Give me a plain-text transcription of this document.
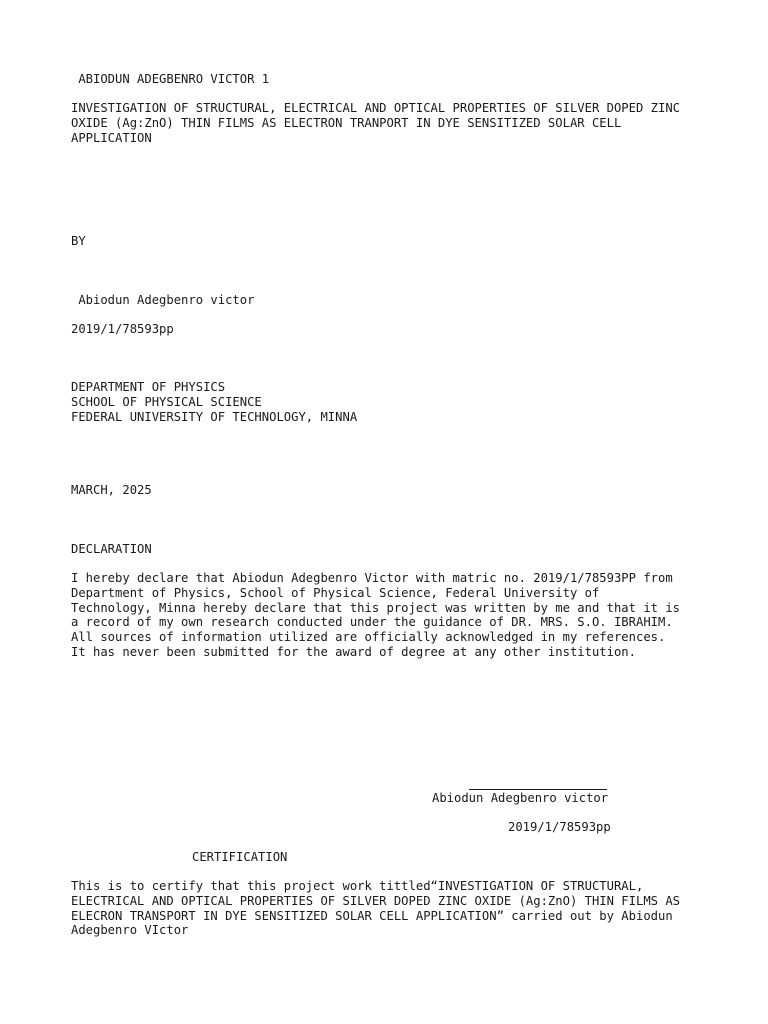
ABIODUN ADEGBENRO VICTOR 1
INVESTIGATION OF STRUCTURAL, ELECTRICAL AND OPTICAL PROPERTIES OF SILVER DOPED ZINC
OXIDE (Ag:ZnO) THIN FILMS AS ELECTRON TRANPORT IN DYE SENSITIZED SOLAR CELL
APPLICATION
BY
Abiodun Adegbenro victor
2019/1/78593pp
DEPARTMENT OF PHYSICS
SCHOOL OF PHYSICAL SCIENCE
FEDERAL UNIVERSITY OF TECHNOLOGY, MINNA
MARCH, 2025
DECLARATION
I hereby declare that Abiodun Adegbenro Victor with matric no. 2019/1/78593PP from
Department of Physics, School of Physical Science, Federal University of
Technology, Minna hereby declare that this project was written by me and that it is
a record of my own research conducted under the guidance of DR. MRS. S.O. IBRAHIM.
All sources of information utilized are officially acknowledged in my references.
It has never been submitted for the award of degree at any other institution.
Abiodun Adegbenro victor
2019/1/78593pp
CERTIFICATION
This is to certify that this project work tittled“INVESTIGATION OF STRUCTURAL,
ELECTRICAL AND OPTICAL PROPERTIES OF SILVER DOPED ZINC OXIDE (Ag:ZnO) THIN FILMS AS
ELECRON TRANSPORT IN DYE SENSITIZED SOLAR CELL APPLICATION” carried out by Abiodun
Adegbenro VIctor
